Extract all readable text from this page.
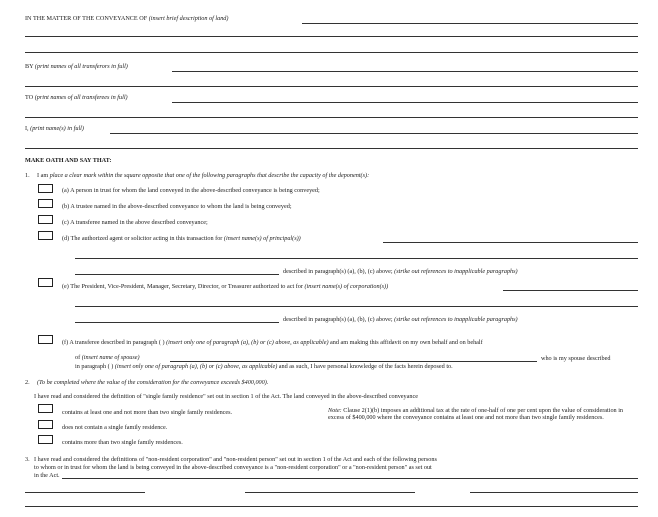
IN THE MATTER OF THE CONVEYANCE OF (insert brief description of land)
BY (print names of all transferors in full)
TO (print names of all transferees in full)
I, (print name(s) in full)
MAKE OATH AND SAY THAT:
1. I am place a clear mark within the square opposite that one of the following paragraphs that describe the capacity of the deponent(s):
(a) A person in trust for whom the land conveyed in the above-described conveyance is being conveyed;
(b) A trustee named in the above-described conveyance to whom the land is being conveyed;
(c) A transferee named in the above described conveyance;
(d) The authorized agent or solicitor acting in this transaction for (insert name(s) of principal(s))
described in paragraph(s) (a), (b), (c) above; (strike out references to inapplicable paragraphs)
(e) The President, Vice-President, Manager, Secretary, Director, or Treasurer authorized to act for (insert name(s) of corporation(s))
described in paragraph(s) (a), (b), (c) above; (strike out references to inapplicable paragraphs)
(f) A transferee described in paragraph ( ) (insert only one of paragraph (a), (b) or (c) above, as applicable) and am making this affidavit on my own behalf and on behalf
of (insert name of spouse)	who is my spouse described
in paragraph ( ) (insert only one of paragraph (a), (b) or (c) above, as applicable) and as such, I have personal knowledge of the facts herein deposed to.
2. (To be completed where the value of the consideration for the conveyance exceeds $400,000).
I have read and considered the definition of "single family residence" set out in section 1 of the Act. The land conveyed in the above-described conveyance
contains at least one and not more than two single family residences.
does not contain a single family residence.
contains more than two single family residences.
Note: Clause 2(1)(b) imposes an additional tax at the rate of one-half of one per cent upon the value of consideration in excess of $400,000 where the conveyance contains at least one and not more than two single family residences.
3. I have read and considered the definitions of "non-resident corporation" and "non-resident person" set out in section 1 of the Act and each of the following persons
to whom or in trust for whom the land is being conveyed in the above-described conveyance is a "non-resident corporation" or a "non-resident person" as set out
in the Act.
